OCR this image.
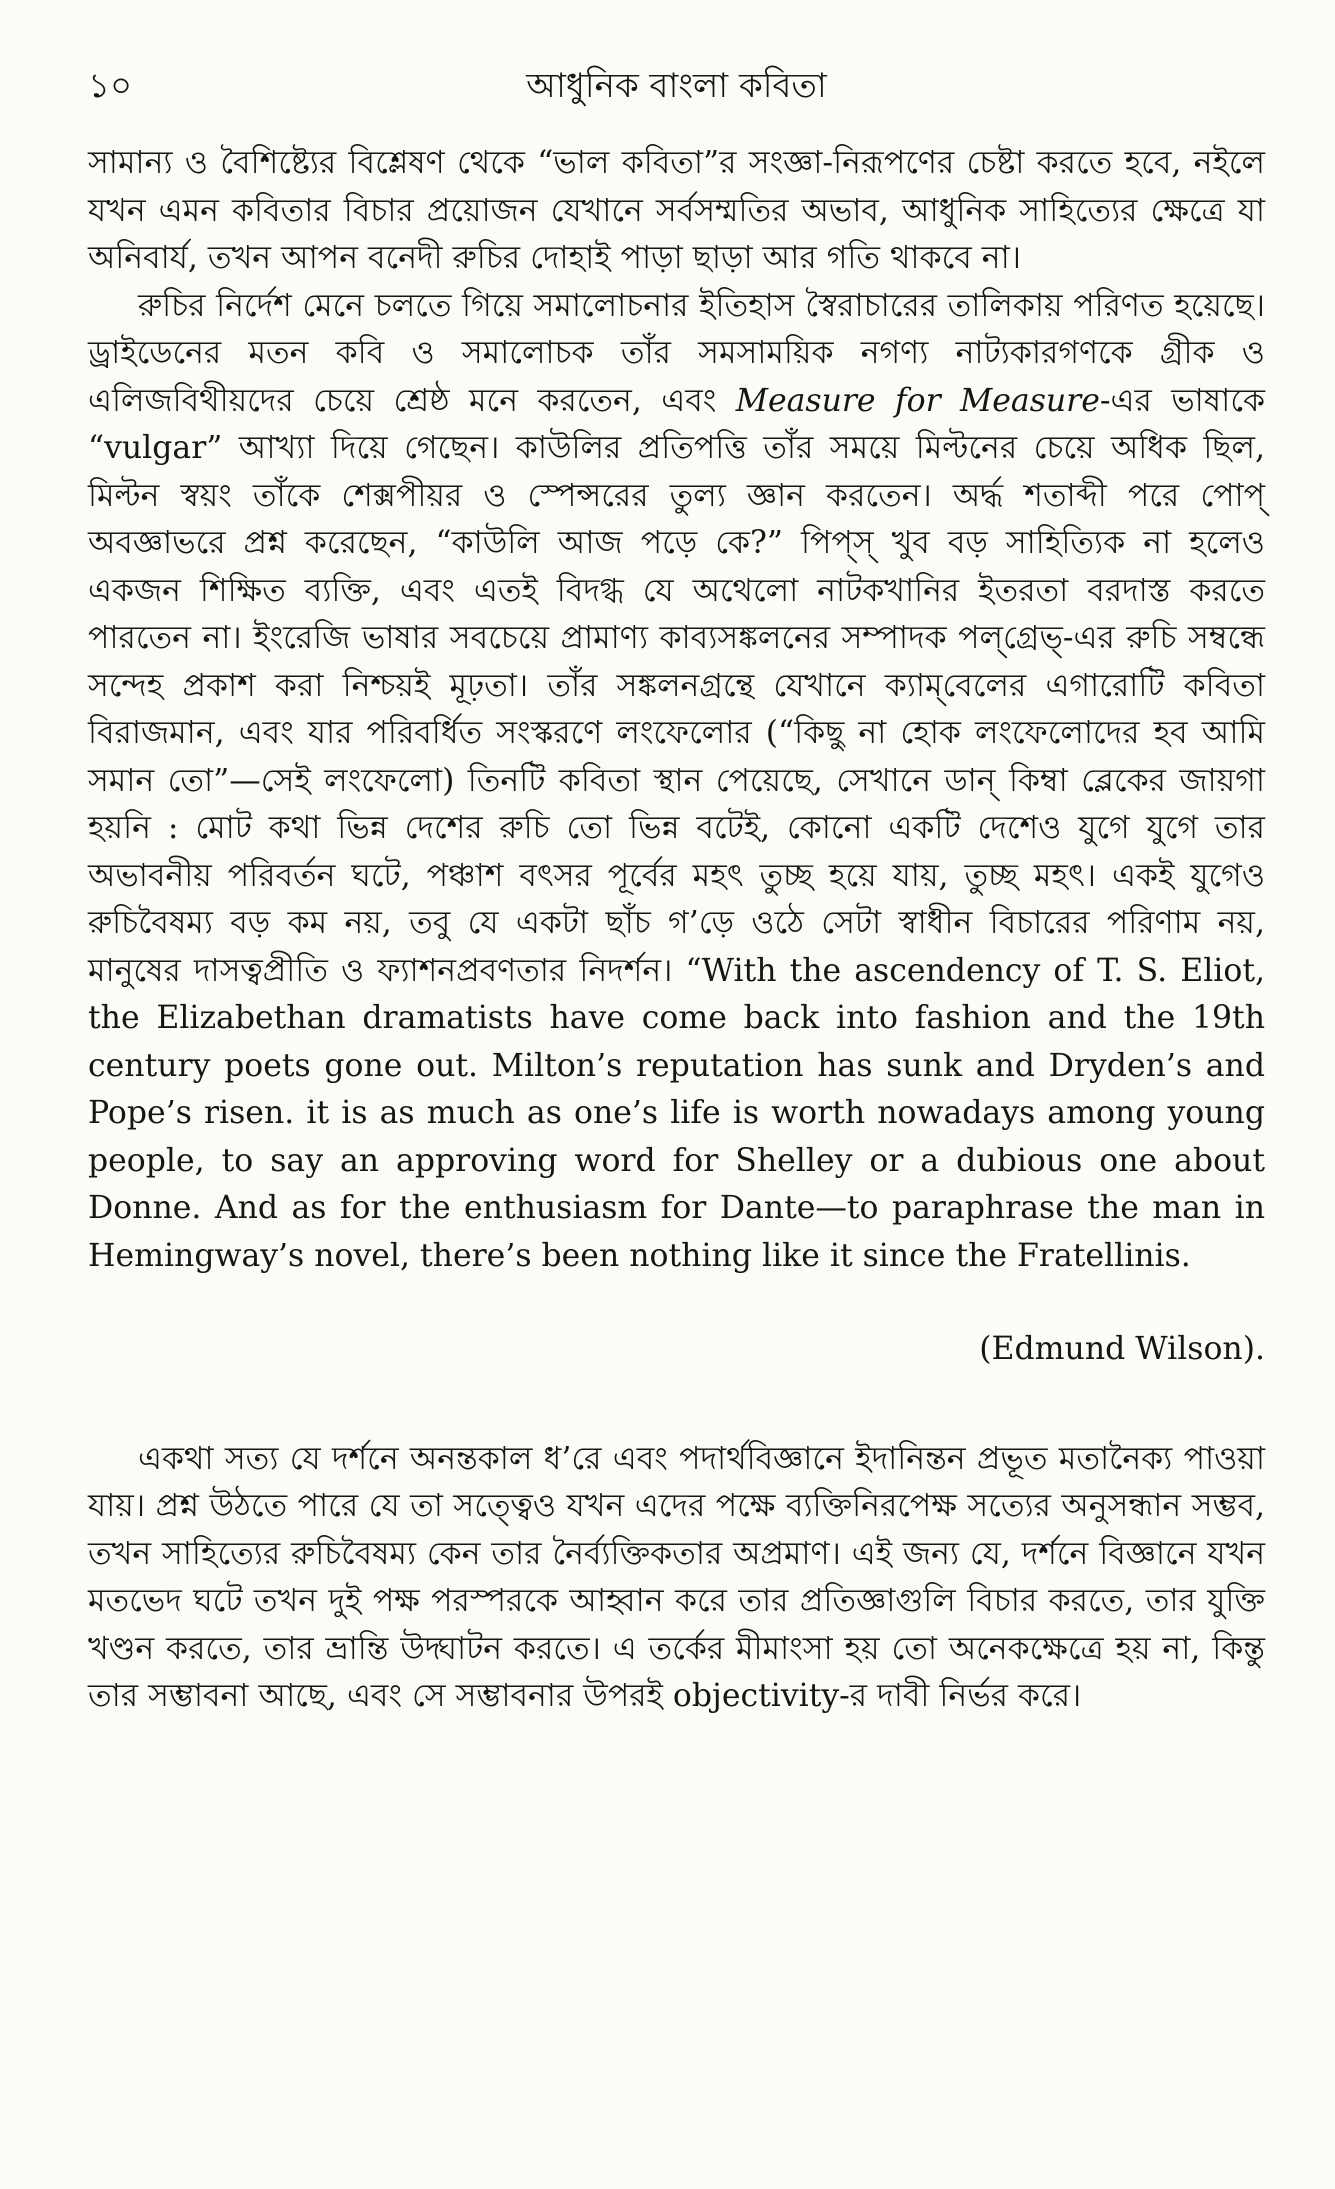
১০	আধুনিক বাংলা কবিতা

সামান্য ও বৈশিষ্ট্যের বিশ্লেষণ থেকে “ভাল কবিতা”র সংজ্ঞা-নিরূপণের চেষ্টা করতে হবে, নইলে যখন এমন কবিতার বিচার প্রয়োজন যেখানে সর্বসম্মতির অভাব, আধুনিক সাহিত্যের ক্ষেত্রে যা অনিবার্য, তখন আপন বনেদী রুচির দোহাই পাড়া ছাড়া আর গতি থাকবে না।

রুচির নির্দেশ মেনে চলতে গিয়ে সমালোচনার ইতিহাস স্বৈরাচারের তালিকায় পরিণত হয়েছে। ড্রাইডেনের মতন কবি ও সমালোচক তাঁর সমসাময়িক নগণ্য নাট্যকারগণকে গ্রীক ও এলিজবিথীয়দের চেয়ে শ্রেষ্ঠ মনে করতেন, এবং Measure for Measure-এর ভাষাকে “vulgar” আখ্যা দিয়ে গেছেন। কাউলির প্রতিপত্তি তাঁর সময়ে মিল্টনের চেয়ে অধিক ছিল, মিল্টন স্বয়ং তাঁকে শেক্সপীয়র ও স্পেন্সরের তুল্য জ্ঞান করতেন। অর্দ্ধ শতাব্দী পরে পোপ্ অবজ্ঞাভরে প্রশ্ন করেছেন, “কাউলি আজ পড়ে কে?” পিপ্স্ খুব বড় সাহিত্যিক না হলেও একজন শিক্ষিত ব্যক্তি, এবং এতই বিদগ্ধ যে অথেলো নাটকখানির ইতরতা বরদাস্ত করতে পারতেন না। ইংরেজি ভাষার সবচেয়ে প্রামাণ্য কাব্যসঙ্কলনের সম্পাদক পল্‌গ্রেভ্-এর রুচি সম্বন্ধে সন্দেহ প্রকাশ করা নিশ্চয়ই মূঢ়তা। তাঁর সঙ্কলনগ্রন্থে যেখানে ক্যাম্‌বেলের এগারোটি কবিতা বিরাজমান, এবং যার পরিবর্ধিত সংস্করণে লংফেলোর (“কিছু না হোক লংফেলোদের হব আমি সমান তো”—সেই লংফেলো) তিনটি কবিতা স্থান পেয়েছে, সেখানে ডান্ কিম্বা ব্লেকের জায়গা হয়নি : মোট কথা ভিন্ন দেশের রুচি তো ভিন্ন বটেই, কোনো একটি দেশেও যুগে যুগে তার অভাবনীয় পরিবর্তন ঘটে, পঞ্চাশ বৎসর পূর্বের মহৎ তুচ্ছ হয়ে যায়, তুচ্ছ মহৎ। একই যুগেও রুচিবৈষম্য বড় কম নয়, তবু যে একটা ছাঁচ গ’ড়ে ওঠে সেটা স্বাধীন বিচারের পরিণাম নয়, মানুষের দাসত্বপ্রীতি ও ফ্যাশনপ্রবণতার নিদর্শন। “With the ascendency of T. S. Eliot, the Elizabethan dramatists have come back into fashion and the 19th century poets gone out. Milton’s reputation has sunk and Dryden’s and Pope’s risen. it is as much as one’s life is worth nowadays among young people, to say an approving word for Shelley or a dubious one about Donne. And as for the enthusiasm for Dante—to paraphrase the man in Hemingway’s novel, there’s been nothing like it since the Fratellinis.

(Edmund Wilson).

একথা সত্য যে দর্শনে অনন্তকাল ধ’রে এবং পদার্থবিজ্ঞানে ইদানিন্তন প্রভূত মতানৈক্য পাওয়া যায়। প্রশ্ন উঠতে পারে যে তা সত্ত্বেও যখন এদের পক্ষে ব্যক্তিনিরপেক্ষ সত্যের অনুসন্ধান সম্ভব, তখন সাহিত্যের রুচিবৈষম্য কেন তার নৈর্ব্যক্তিকতার অপ্রমাণ। এই জন্য যে, দর্শনে বিজ্ঞানে যখন মতভেদ ঘটে তখন দুই পক্ষ পরস্পরকে আহ্বান করে তার প্রতিজ্ঞাগুলি বিচার করতে, তার যুক্তি খণ্ডন করতে, তার ভ্রান্তি উদ্ঘাটন করতে। এ তর্কের মীমাংসা হয় তো অনেকক্ষেত্রে হয় না, কিন্তু তার সম্ভাবনা আছে, এবং সে সম্ভাবনার উপরই objectivity-র দাবী নির্ভর করে।
